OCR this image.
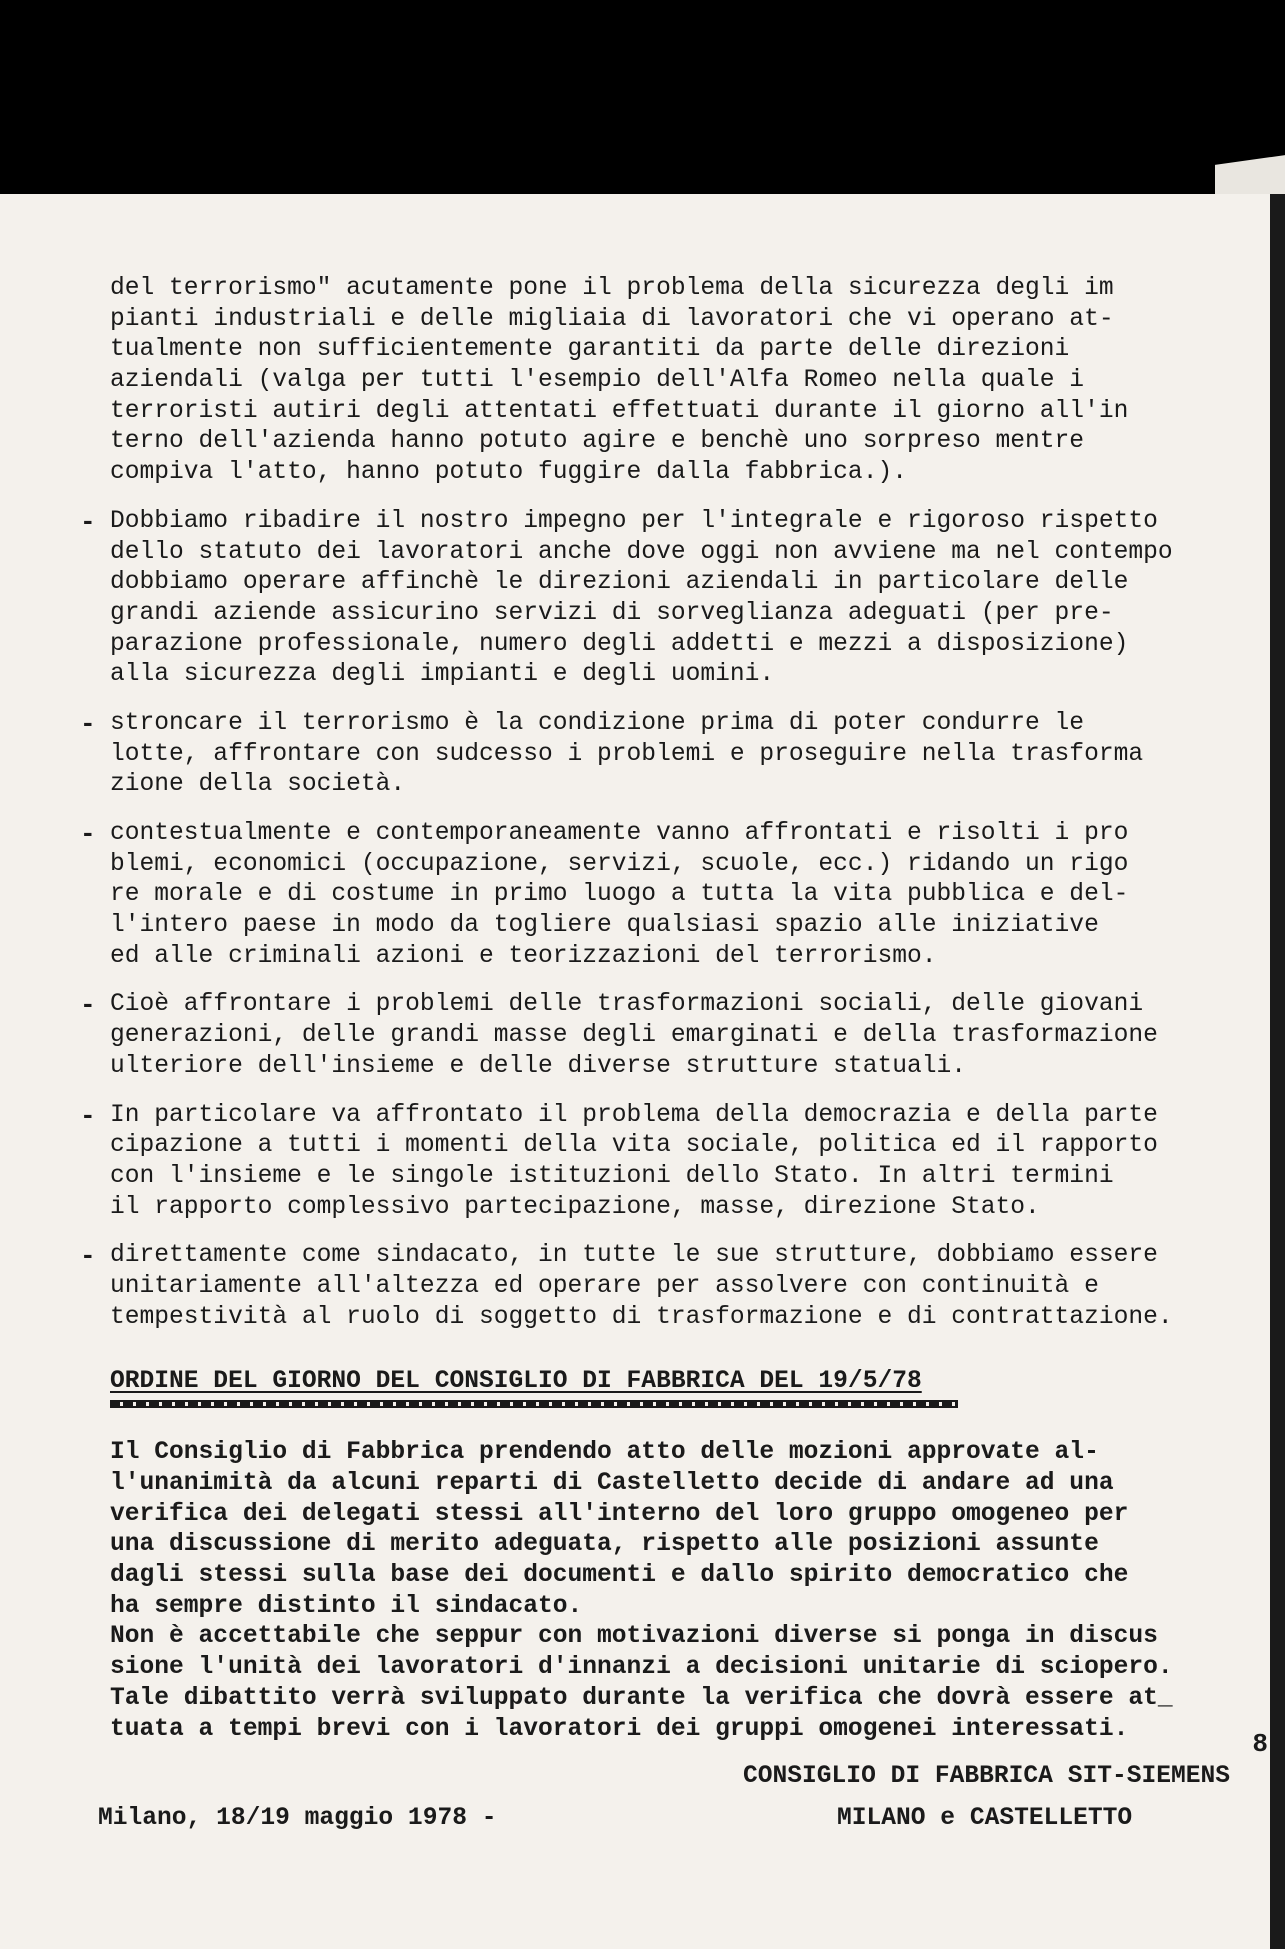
del terrorismo" acutamente pone il problema della sicurezza degli im
pianti industriali e delle migliaia di lavoratori che vi operano at-
tualmente non sufficientemente garantiti da parte delle direzioni
aziendali (valga per tutti l'esempio dell'Alfa Romeo nella quale i
terroristi autiri degli attentati effettuati durante il giorno all'in
terno dell'azienda hanno potuto agire e benchè uno sorpreso mentre
compiva l'atto, hanno potuto fuggire dalla fabbrica.).
- Dobbiamo ribadire il nostro impegno per l'integrale e rigoroso rispetto
dello statuto dei lavoratori anche dove oggi non avviene ma nel contempo
dobbiamo operare affinchè le direzioni aziendali in particolare delle
grandi aziende assicurino servizi di sorveglianza adeguati (per pre-
parazione professionale, numero degli addetti e mezzi a disposizione)
alla sicurezza degli impianti e degli uomini.
- stroncare il terrorismo è la condizione prima di poter condurre le
lotte, affrontare con sudcesso i problemi e proseguire nella trasforma
zione della società.
- contestualmente e contemporaneamente vanno affrontati e risolti i pro
blemi, economici (occupazione, servizi, scuole, ecc.) ridando un rigo
re morale e di costume in primo luogo a tutta la vita pubblica e del-
l'intero paese in modo da togliere qualsiasi spazio alle iniziative
ed alle criminali azioni e teorizzazioni del terrorismo.
- Cioè affrontare i problemi delle trasformazioni sociali, delle giovani
generazioni, delle grandi masse degli emarginati e della trasformazione
ulteriore dell'insieme e delle diverse strutture statuali.
- In particolare va affrontato il problema della democrazia e della parte
cipazione a tutti i momenti della vita sociale, politica ed il rapporto
con l'insieme e le singole istituzioni dello Stato. In altri termini
il rapporto complessivo partecipazione, masse, direzione Stato.
- direttamente come sindacato, in tutte le sue strutture, dobbiamo essere
unitariamente all'altezza ed operare per assolvere con continuità e
tempestività al ruolo di soggetto di trasformazione e di contrattazione.
ORDINE DEL GIORNO DEL CONSIGLIO DI FABBRICA DEL 19/5/78
Il Consiglio di Fabbrica prendendo atto delle mozioni approvate al-
l'unanimità da alcuni reparti di Castelletto decide di andare ad una
verifica dei delegati stessi all'interno del loro gruppo omogeneo per
una discussione di merito adeguata, rispetto alle posizioni assunte
dagli stessi sulla base dei documenti e dallo spirito democratico che
ha sempre distinto il sindacato.
Non è accettabile che seppur con motivazioni diverse si ponga in discus
sione l'unità dei lavoratori d'innanzi a decisioni unitarie di sciopero.
Tale dibattito verrà sviluppato durante la verifica che dovrà essere at_
tuata a tempi brevi con i lavoratori dei gruppi omogenei interessati.
CONSIGLIO DI FABBRICA SIT-SIEMENS
Milano, 18/19 maggio 1978 -	MILANO e CASTELLETTO
8
